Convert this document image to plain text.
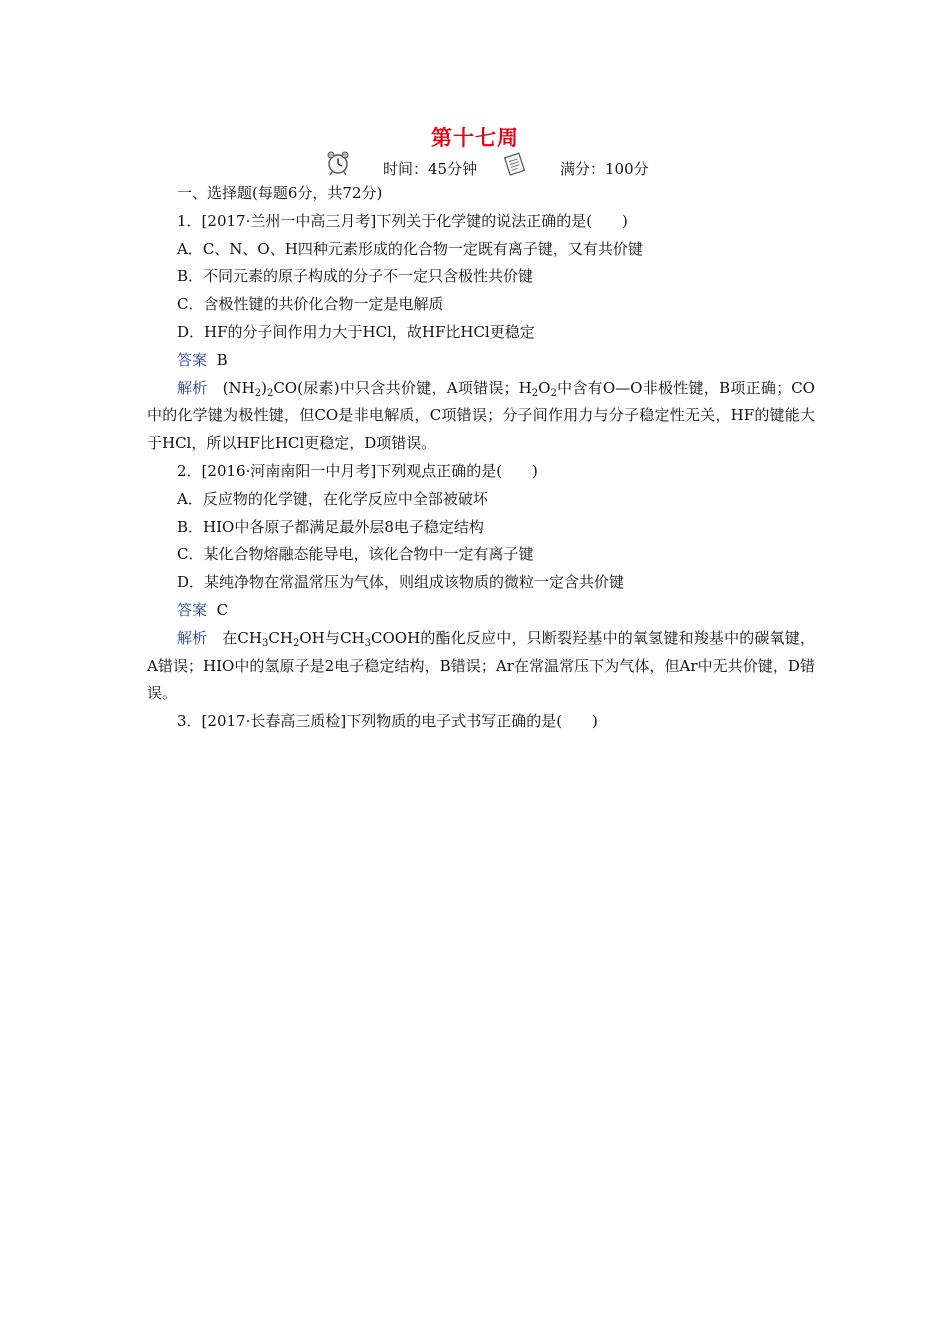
第十七周
时间：45分钟	满分：100分
一、选择题(每题6分，共72分)
1．[2017·兰州一中高三月考]下列关于化学键的说法正确的是(　　)
A．C、N、O、H四种元素形成的化合物一定既有离子键，又有共价键
B．不同元素的原子构成的分子不一定只含极性共价键
C．含极性键的共价化合物一定是电解质
D．HF的分子间作用力大于HCl，故HF比HCl更稳定
答案 B
解析 $(NH_2)_2CO$(尿素)中只含共价键，A项错误；$H_2O_2$中含有O—O非极性键，B项正确；CO中的化学键为极性键，但CO是非电解质，C项错误；分子间作用力与分子稳定性无关，HF的键能大于HCl，所以HF比HCl更稳定，D项错误。
2．[2016·河南南阳一中月考]下列观点正确的是(　　)
A．反应物的化学键，在化学反应中全部被破坏
B．HIO中各原子都满足最外层8电子稳定结构
C．某化合物熔融态能导电，该化合物中一定有离子键
D．某纯净物在常温常压为气体，则组成该物质的微粒一定含共价键
答案 C
解析 在$CH_3CH_2OH$与$CH_3COOH$的酯化反应中，只断裂羟基中的氧氢键和羧基中的碳氧键，A错误；HIO中的氢原子是2电子稳定结构，B错误；Ar在常温常压下为气体，但Ar中无共价键，D错误。
3．[2017·长春高三质检]下列物质的电子式书写正确的是(　　)
